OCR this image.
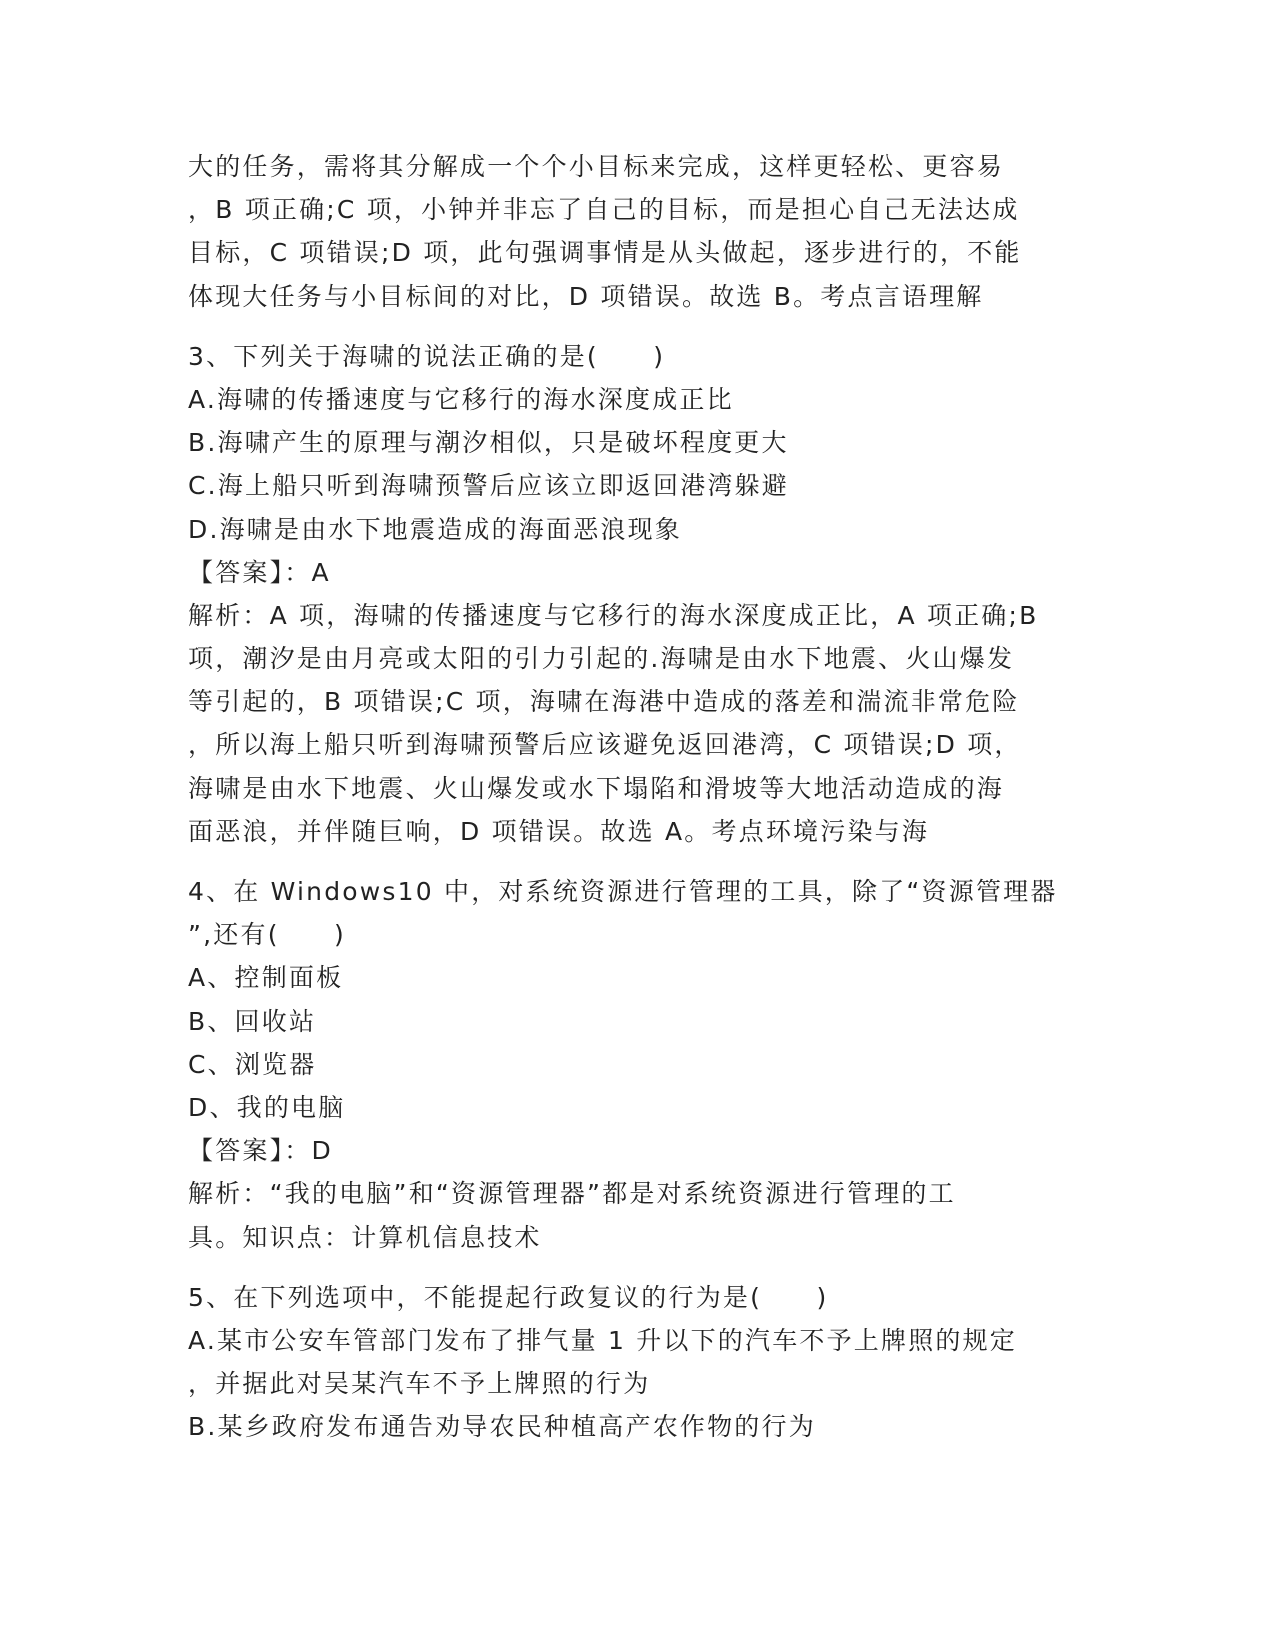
大的任务，需将其分解成一个个小目标来完成，这样更轻松、更容易
，B 项正确;C 项，小钟并非忘了自己的目标，而是担心自己无法达成
目标，C 项错误;D 项，此句强调事情是从头做起，逐步进行的，不能
体现大任务与小目标间的对比，D 项错误。故选 B。考点言语理解
3、下列关于海啸的说法正确的是(　　)
A.海啸的传播速度与它移行的海水深度成正比
B.海啸产生的原理与潮汐相似，只是破坏程度更大
C.海上船只听到海啸预警后应该立即返回港湾躲避
D.海啸是由水下地震造成的海面恶浪现象
【答案】：A
解析：A 项，海啸的传播速度与它移行的海水深度成正比，A 项正确;B
项，潮汐是由月亮或太阳的引力引起的.海啸是由水下地震、火山爆发
等引起的，B 项错误;C 项，海啸在海港中造成的落差和湍流非常危险
，所以海上船只听到海啸预警后应该避免返回港湾，C 项错误;D 项，
海啸是由水下地震、火山爆发或水下塌陷和滑坡等大地活动造成的海
面恶浪，并伴随巨响，D 项错误。故选 A。考点环境污染与海
4、在 Windows10 中，对系统资源进行管理的工具，除了“资源管理器
”,还有(　　)
A、控制面板
B、回收站
C、浏览器
D、我的电脑
【答案】：D
解析：“我的电脑”和“资源管理器”都是对系统资源进行管理的工
具。知识点：计算机信息技术
5、在下列选项中，不能提起行政复议的行为是(　　)
A.某市公安车管部门发布了排气量 1 升以下的汽车不予上牌照的规定
，并据此对吴某汽车不予上牌照的行为
B.某乡政府发布通告劝导农民种植高产农作物的行为
